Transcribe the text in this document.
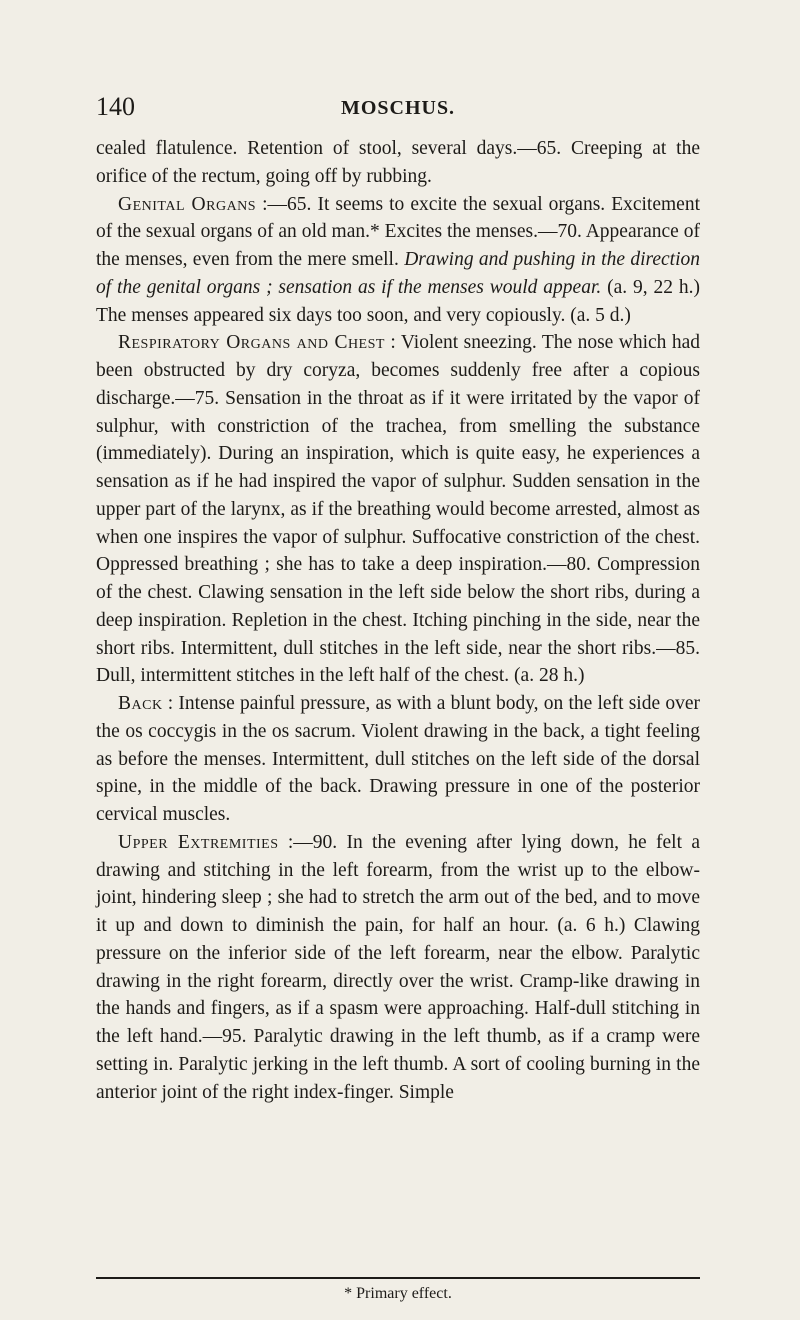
140	MOSCHUS.

cealed flatulence. Retention of stool, several days.—65. Creeping at the orifice of the rectum, going off by rubbing.

Genital Organs :—65. It seems to excite the sexual organs. Excitement of the sexual organs of an old man.* Excites the menses.—70. Appearance of the menses, even from the mere smell. Drawing and pushing in the direction of the genital organs ; sensation as if the menses would appear. (a. 9, 22 h.) The menses appeared six days too soon, and very copiously. (a. 5 d.)

Respiratory Organs and Chest : Violent sneezing. The nose which had been obstructed by dry coryza, becomes suddenly free after a copious discharge.—75. Sensation in the throat as if it were irritated by the vapor of sulphur, with constriction of the trachea, from smelling the substance (immediately). During an inspiration, which is quite easy, he experiences a sensation as if he had inspired the vapor of sulphur. Sudden sensation in the upper part of the larynx, as if the breathing would become arrested, almost as when one inspires the vapor of sulphur. Suffocative constriction of the chest. Oppressed breathing ; she has to take a deep inspiration.—80. Compression of the chest. Clawing sensation in the left side below the short ribs, during a deep inspiration. Repletion in the chest. Itching pinching in the side, near the short ribs. Intermittent, dull stitches in the left side, near the short ribs.—85. Dull, intermittent stitches in the left half of the chest. (a. 28 h.)

Back : Intense painful pressure, as with a blunt body, on the left side over the os coccygis in the os sacrum. Violent drawing in the back, a tight feeling as before the menses. Intermittent, dull stitches on the left side of the dorsal spine, in the middle of the back. Drawing pressure in one of the posterior cervical muscles.

Upper Extremities :—90. In the evening after lying down, he felt a drawing and stitching in the left forearm, from the wrist up to the elbow-joint, hindering sleep ; she had to stretch the arm out of the bed, and to move it up and down to diminish the pain, for half an hour. (a. 6 h.) Clawing pressure on the inferior side of the left forearm, near the elbow. Paralytic drawing in the right forearm, directly over the wrist. Cramp-like drawing in the hands and fingers, as if a spasm were approaching. Half-dull stitching in the left hand.—95. Paralytic drawing in the left thumb, as if a cramp were setting in. Paralytic jerking in the left thumb. A sort of cooling burning in the anterior joint of the right index-finger. Simple

* Primary effect.
